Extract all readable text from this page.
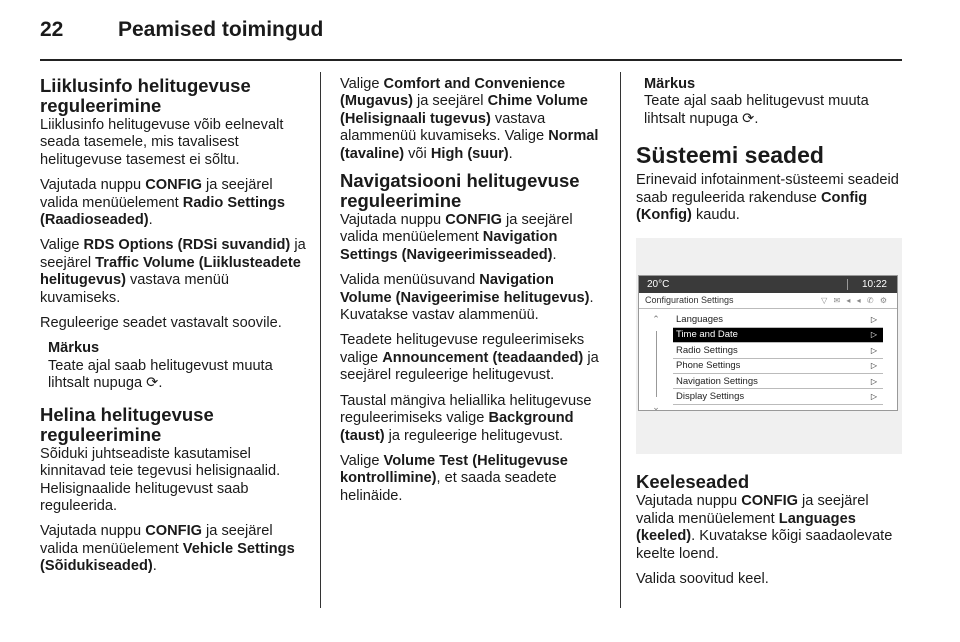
22	Peamised toimingud
Liiklusinfo helitugevuse reguleerimine

Liiklusinfo helitugevuse võib eelnevalt seada tasemele, mis tavalisest helitugevuse tasemest ei sõltu.

Vajutada nuppu CONFIG ja seejärel valida menüüelement Radio Settings (Raadioseaded).

Valige RDS Options (RDSi suvandid) ja seejärel Traffic Volume (Liiklusteadete helitugevus) vastava menüü kuvamiseks.

Reguleerige seadet vastavalt soovile.

Märkus
Teate ajal saab helitugevust muuta lihtsalt nupuga ⟳.
Helina helitugevuse reguleerimine

Sõiduki juhtseadiste kasutamisel kinnitavad teie tegevusi helisignaalid. Helisignaalide helitugevust saab reguleerida.

Vajutada nuppu CONFIG ja seejärel valida menüüelement Vehicle Settings (Sõidukiseaded).

Valige Comfort and Convenience (Mugavus) ja seejärel Chime Volume (Helisignaali tugevus) vastava alammenüü kuvamiseks. Valige Normal (tavaline) või High (suur).

Navigatsiooni helitugevuse reguleerimine

Vajutada nuppu CONFIG ja seejärel valida menüüelement Navigation Settings (Navigeerimisseaded).

Valida menüüsuvand Navigation Volume (Navigeerimise helitugevus). Kuvatakse vastav alammenüü.

Teadete helitugevuse reguleerimiseks valige Announcement (teadaanded) ja seejärel reguleerige helitugevust.

Taustal mängiva heliallika helitugevuse reguleerimiseks valige Background (taust) ja reguleerige helitugevust.

Valige Volume Test (Helitugevuse kontrollimine), et saada seadete helinäide.

Märkus
Teate ajal saab helitugevust muuta lihtsalt nupuga ⟳.
Süsteemi seaded

Erinevaid infotainment-süsteemi seadeid saab reguleerida rakenduse Config (Konfig) kaudu.

20°C	10:22
Configuration Settings	▽ ✉ ◂ ◂ ✆ ⚙
⌃
⌄
Languages	▷
Time and Date	▷
Radio Settings	▷
Phone Settings	▷
Navigation Settings	▷
Display Settings	▷
Keeleseaded

Vajutada nuppu CONFIG ja seejärel valida menüüelement Languages (keeled). Kuvatakse kõigi saadaolevate keelte loend.

Valida soovitud keel.
